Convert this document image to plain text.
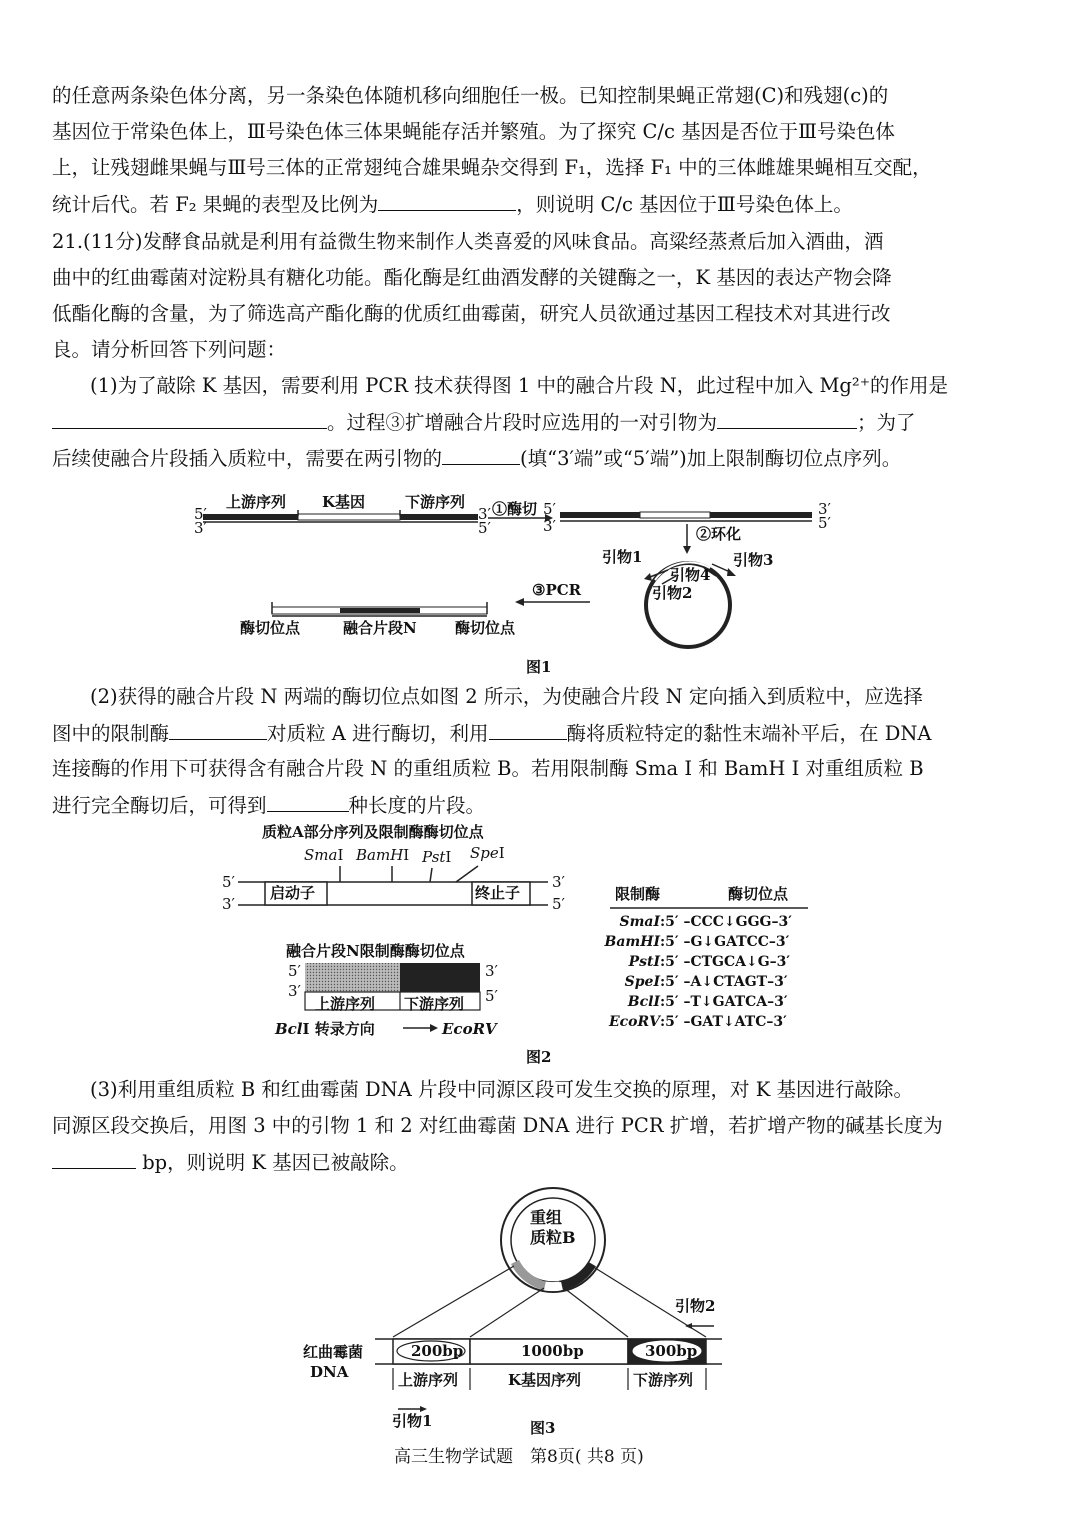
的任意两条染色体分离，另一条染色体随机移向细胞任一极。已知控制果蝇正常翅(C)和残翅(c)的
基因位于常染色体上，Ⅲ号染色体三体果蝇能存活并繁殖。为了探究 C/c 基因是否位于Ⅲ号染色体
上，让残翅雌果蝇与Ⅲ号三体的正常翅纯合雄果蝇杂交得到 F₁，选择 F₁ 中的三体雌雄果蝇相互交配，
统计后代。若 F₂ 果蝇的表型及比例为	，则说明 C/c 基因位于Ⅲ号染色体上。
21.(11分)发酵食品就是利用有益微生物来制作人类喜爱的风味食品。高粱经蒸煮后加入酒曲，酒
曲中的红曲霉菌对淀粉具有糖化功能。酯化酶是红曲酒发酵的关键酶之一，K 基因的表达产物会降
低酯化酶的含量，为了筛选高产酯化酶的优质红曲霉菌，研究人员欲通过基因工程技术对其进行改
良。请分析回答下列问题：
(1)为了敲除 K 基因，需要利用 PCR 技术获得图 1 中的融合片段 N，此过程中加入 Mg²⁺的作用是
。过程③扩增融合片段时应选用的一对引物为	；为了
后续使融合片段插入质粒中，需要在两引物的	(填“3′端”或“5′端”)加上限制酶切位点序列。
上游序列 K基因	下游序列
5′
3′
3′
5′
①酶切 5′
3′
3′
5′
②环化
引物1	引物3
引物4
引物2
③PCR
酶切位点	融合片段N	酶切位点
图1
(2)获得的融合片段 N 两端的酶切位点如图 2 所示，为使融合片段 N 定向插入到质粒中，应选择
图中的限制酶	对质粒 A 进行酶切，利用	酶将质粒特定的黏性末端补平后，在 DNA
连接酶的作用下可获得含有融合片段 N 的重组质粒 B。若用限制酶 Sma Ⅰ 和 BamH Ⅰ 对重组质粒 B
进行完全酶切后，可得到	种长度的片段。
质粒A部分序列及限制酶酶切位点
SmaⅠ BamHⅠ PstⅠ SpeⅠ
5′
3′
3′
5′
启动子	终止子
融合片段N限制酶酶切位点
5′
3′
3′
5′
上游序列 下游序列
BclⅠ 转录方向	EcoRⅤ
限制酶	酶切位点
SmaⅠ:5′ –CCC↓GGG–3′
BamHⅠ:5′ –G↓GATCC–3′
PstⅠ:5′ –CTGCA↓G–3′
SpeⅠ:5′ –A↓CTAGT–3′
BclⅠ:5′ –T↓GATCA–3′
EcoRⅤ:5′ –GAT↓ATC–3′
图2
(3)利用重组质粒 B 和红曲霉菌 DNA 片段中同源区段可发生交换的原理，对 K 基因进行敲除。
同源区段交换后，用图 3 中的引物 1 和 2 对红曲霉菌 DNA 进行 PCR 扩增，若扩增产物的碱基长度为
bp，则说明 K 基因已被敲除。
重组
质粒B
红曲霉菌
DNA
200bp	1000bp	300bp
上游序列	K基因序列	下游序列
引物2
引物1	图3
高三生物学试题　第8页( 共8 页)
